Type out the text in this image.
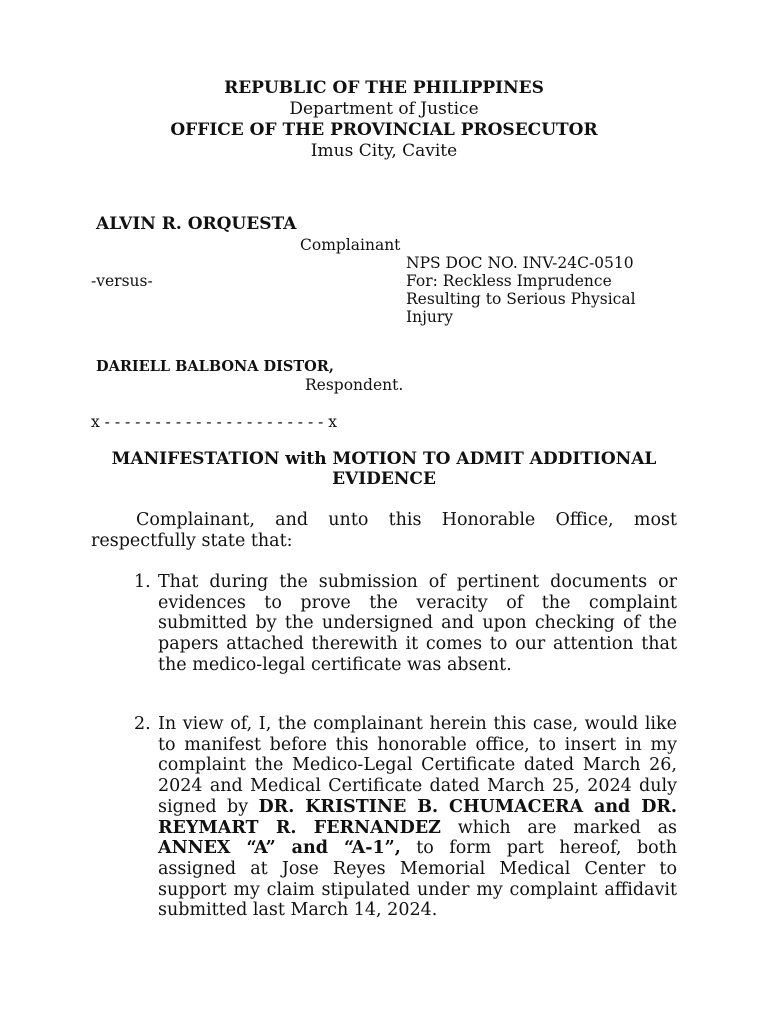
REPUBLIC OF THE PHILIPPINES
Department of Justice
OFFICE OF THE PROVINCIAL PROSECUTOR
Imus City, Cavite
ALVIN R. ORQUESTA
Complainant
NPS DOC NO. INV-24C-0510
-versus-	For: Reckless Imprudence
Resulting to Serious Physical
Injury
DARIELL BALBONA DISTOR,
Respondent.
x - - - - - - - - - - - - - - - - - - - - - - x
MANIFESTATION with MOTION TO ADMIT ADDITIONAL
EVIDENCE
Complainant, and unto this Honorable Office, most respectfully state that:
1. That during the submission of pertinent documents or evidences to prove the veracity of the complaint submitted by the undersigned and upon checking of the papers attached therewith it comes to our attention that the medico-legal certificate was absent.
2. In view of, I, the complainant herein this case, would like to manifest before this honorable office, to insert in my complaint the Medico-Legal Certificate dated March 26, 2024 and Medical Certificate dated March 25, 2024 duly signed by DR. KRISTINE B. CHUMACERA and DR. REYMART R. FERNANDEZ which are marked as ANNEX “A” and “A-1”, to form part hereof, both assigned at Jose Reyes Memorial Medical Center to support my claim stipulated under my complaint affidavit submitted last March 14, 2024.
